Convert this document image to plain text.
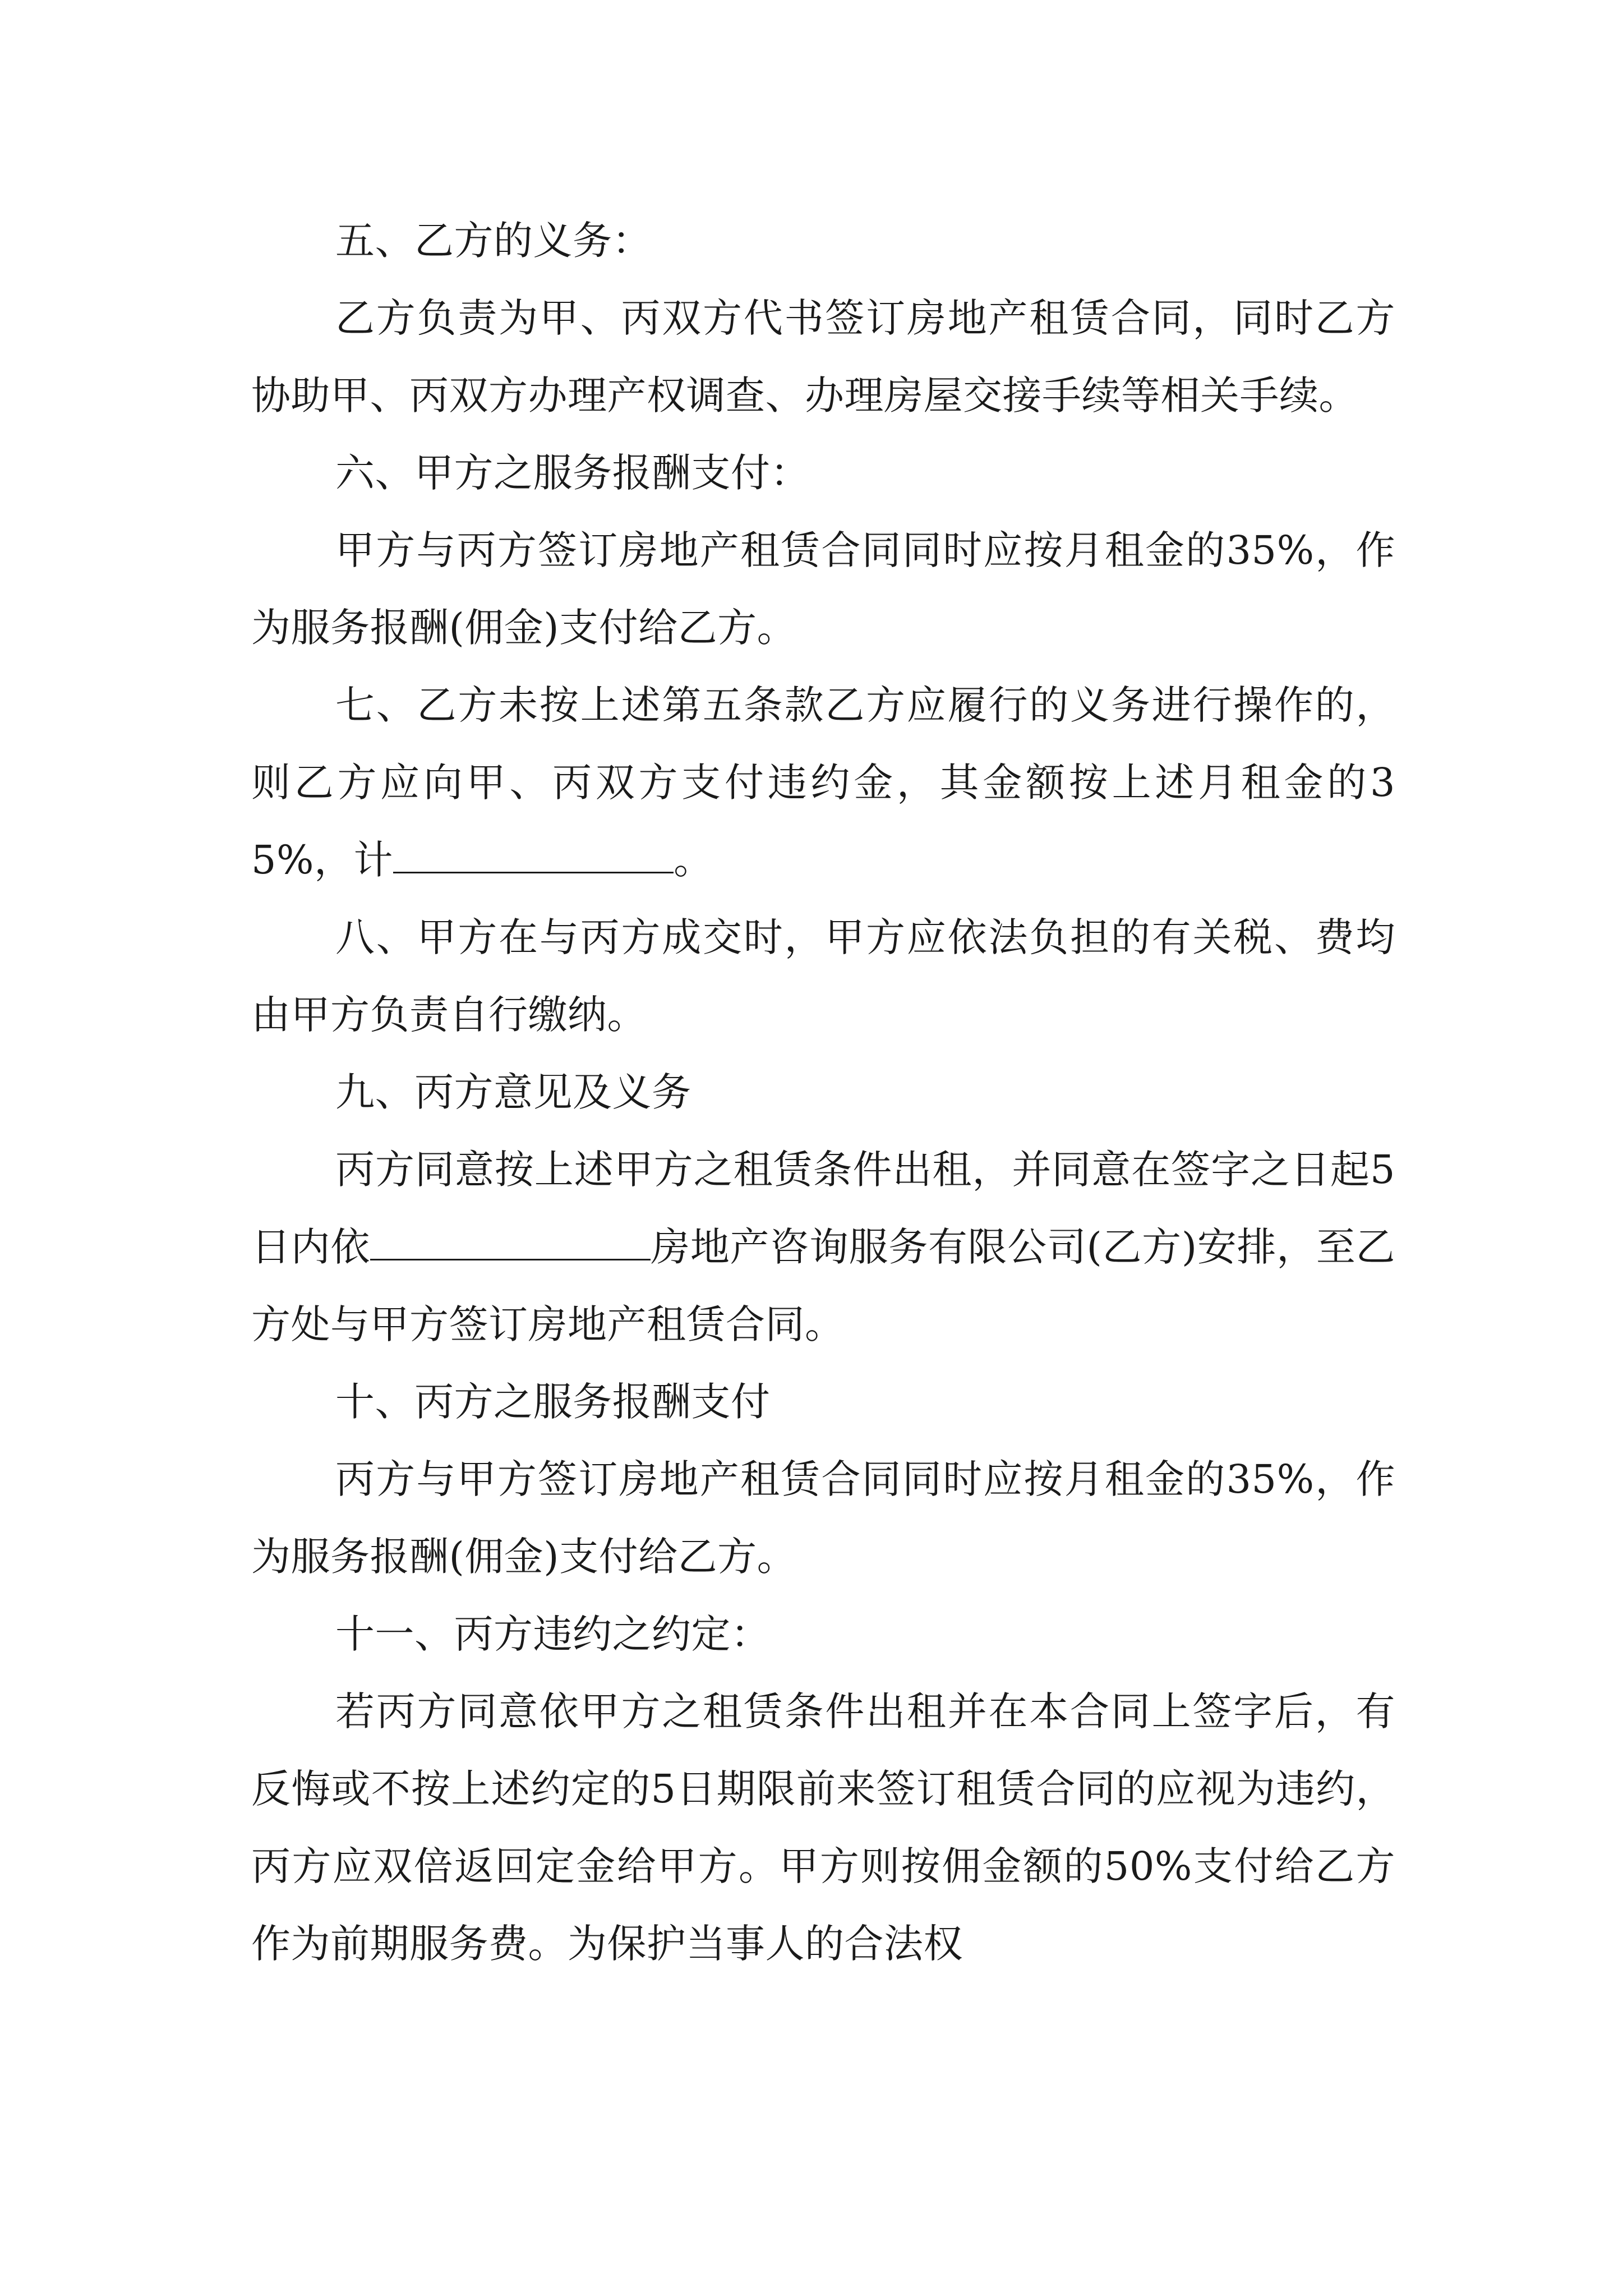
五、乙方的义务：

乙方负责为甲、丙双方代书签订房地产租赁合同，同时乙方协助甲、丙双方办理产权调查、办理房屋交接手续等相关手续。

六、甲方之服务报酬支付：

甲方与丙方签订房地产租赁合同同时应按月租金的35%，作为服务报酬(佣金)支付给乙方。

七、乙方未按上述第五条款乙方应履行的义务进行操作的，则乙方应向甲、丙双方支付违约金，其金额按上述月租金的35%，计	。

八、甲方在与丙方成交时，甲方应依法负担的有关税、费均由甲方负责自行缴纳。

九、丙方意见及义务

丙方同意按上述甲方之租赁条件出租，并同意在签字之日起5日内依	房地产咨询服务有限公司(乙方)安排，至乙方处与甲方签订房地产租赁合同。

十、丙方之服务报酬支付

丙方与甲方签订房地产租赁合同同时应按月租金的35%，作为服务报酬(佣金)支付给乙方。

十一、丙方违约之约定：

若丙方同意依甲方之租赁条件出租并在本合同上签字后，有反悔或不按上述约定的5日期限前来签订租赁合同的应视为违约，丙方应双倍返回定金给甲方。甲方则按佣金额的50%支付给乙方作为前期服务费。为保护当事人的合法权
